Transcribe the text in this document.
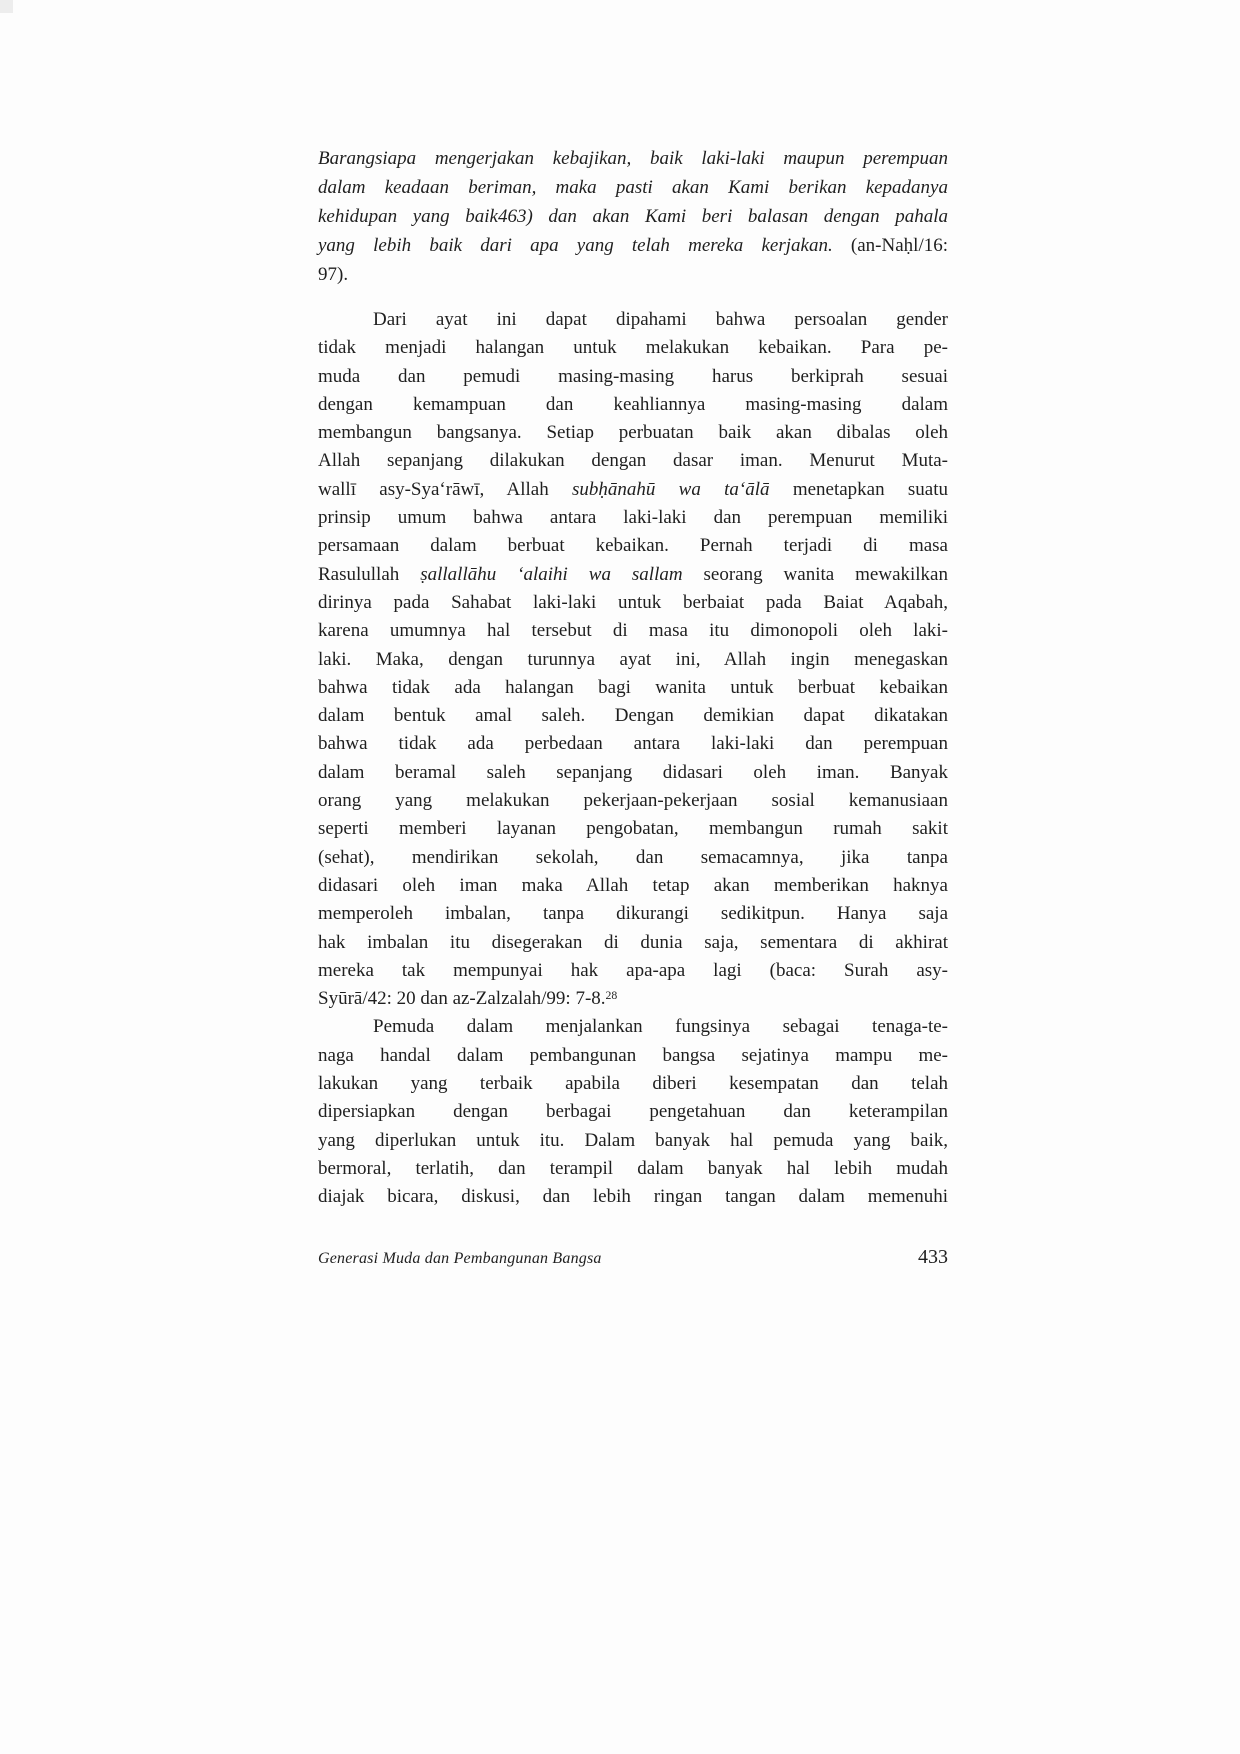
Barangsiapa mengerjakan kebajikan, baik laki-laki maupun perempuan
dalam keadaan beriman, maka pasti akan Kami berikan kepadanya
kehidupan yang baik463) dan akan Kami beri balasan dengan pahala
yang lebih baik dari apa yang telah mereka kerjakan. (an-Naḥl/16:
97).
Dari ayat ini dapat dipahami bahwa persoalan gender
tidak menjadi halangan untuk melakukan kebaikan. Para pe-
muda dan pemudi masing-masing harus berkiprah sesuai
dengan kemampuan dan keahliannya masing-masing dalam
membangun bangsanya. Setiap perbuatan baik akan dibalas oleh
Allah sepanjang dilakukan dengan dasar iman. Menurut Muta-
wallī asy-Sya‘rāwī, Allah subḥānahū wa ta‘ālā menetapkan suatu
prinsip umum bahwa antara laki-laki dan perempuan memiliki
persamaan dalam berbuat kebaikan. Pernah terjadi di masa
Rasulullah ṣallallāhu ‘alaihi wa sallam seorang wanita mewakilkan
dirinya pada Sahabat laki-laki untuk berbaiat pada Baiat Aqabah,
karena umumnya hal tersebut di masa itu dimonopoli oleh laki-
laki. Maka, dengan turunnya ayat ini, Allah ingin menegaskan
bahwa tidak ada halangan bagi wanita untuk berbuat kebaikan
dalam bentuk amal saleh. Dengan demikian dapat dikatakan
bahwa tidak ada perbedaan antara laki-laki dan perempuan
dalam beramal saleh sepanjang didasari oleh iman. Banyak
orang yang melakukan pekerjaan-pekerjaan sosial kemanusiaan
seperti memberi layanan pengobatan, membangun rumah sakit
(sehat), mendirikan sekolah, dan semacamnya, jika tanpa
didasari oleh iman maka Allah tetap akan memberikan haknya
memperoleh imbalan, tanpa dikurangi sedikitpun. Hanya saja
hak imbalan itu disegerakan di dunia saja, sementara di akhirat
mereka tak mempunyai hak apa-apa lagi (baca: Surah asy-
Syūrā/42: 20 dan az-Zalzalah/99: 7-8.28
Pemuda dalam menjalankan fungsinya sebagai tenaga-te-
naga handal dalam pembangunan bangsa sejatinya mampu me-
lakukan yang terbaik apabila diberi kesempatan dan telah
dipersiapkan dengan berbagai pengetahuan dan keterampilan
yang diperlukan untuk itu. Dalam banyak hal pemuda yang baik,
bermoral, terlatih, dan terampil dalam banyak hal lebih mudah
diajak bicara, diskusi, dan lebih ringan tangan dalam memenuhi
Generasi Muda dan Pembangunan Bangsa	433
